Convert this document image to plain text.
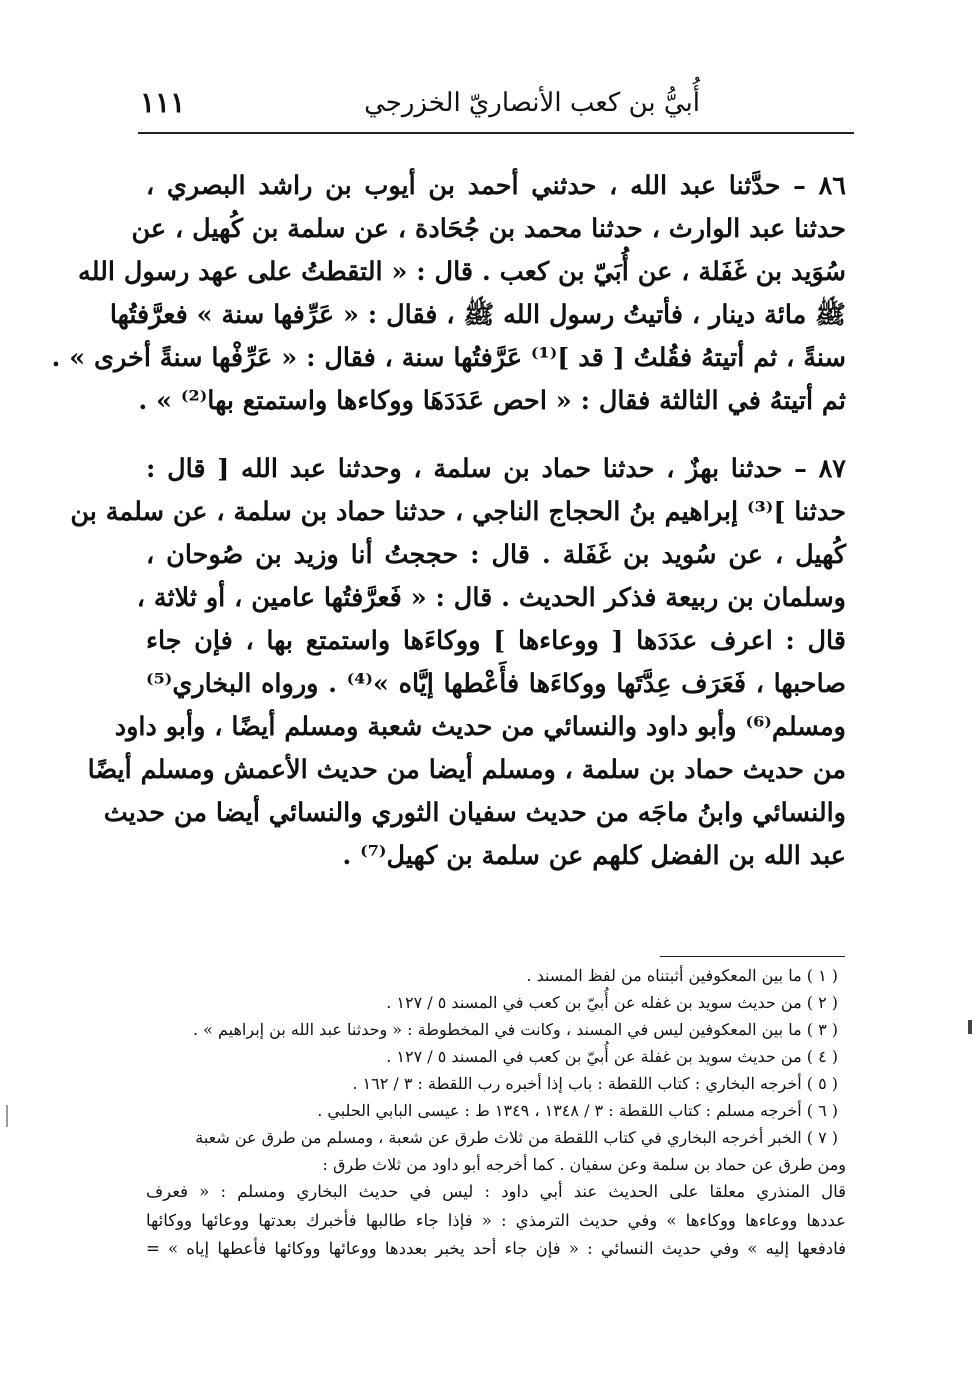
أُبيُّ بن كعب الأنصاريّ الخزرجي
١١١
٨٦ – حدَّثنا عبد الله ، حدثني أحمد بن أيوب بن راشد البصري ،
حدثنا عبد الوارث ، حدثنا محمد بن جُحَادة ، عن سلمة بن كُهيل ، عن
سُوَيد بن غَفَلة ، عن أُبَيّ بن كعب . قال : « التقطتُ على عهد رسول الله
ﷺ مائة دينار ، فأتيتُ رسول الله ﷺ ، فقال : « عَرِّفها سنة » فعرَّفتُها
سنةً ، ثم أتيتهُ فقُلتُ [ قد ]⁽¹⁾ عَرَّفتُها سنة ، فقال : « عَرِّفْها سنةً أخرى » .
ثم أتيتهُ في الثالثة فقال : « احص عَدَدَهَا ووكاءها واستمتع بها⁽²⁾ » .
٨٧ – حدثنا بهزٌ ، حدثنا حماد بن سلمة ، وحدثنا عبد الله [ قال :
حدثنا ]⁽³⁾ إبراهيم بنُ الحجاج الناجي ، حدثنا حماد بن سلمة ، عن سلمة بن
كُهيل ، عن سُويد بن غَفَلة . قال : حججتُ أنا وزيد بن صُوحان ،
وسلمان بن ربيعة فذكر الحديث . قال : « فَعرَّفتُها عامين ، أو ثلاثة ،
قال : اعرف عدَدَها [ ووعاءها ] ووكاءَها واستمتع بها ، فإن جاء
صاحبها ، فَعَرَف عِدَّتَها ووكاءَها فأَعْطها إيَّاه »⁽⁴⁾ . ورواه البخاري⁽⁵⁾
ومسلم⁽⁶⁾ وأبو داود والنسائي من حديث شعبة ومسلم أيضًا ، وأبو داود
من حديث حماد بن سلمة ، ومسلم أيضا من حديث الأعمش ومسلم أيضًا
والنسائي وابنُ ماجَه من حديث سفيان الثوري والنسائي أيضا من حديث
عبد الله بن الفضل كلهم عن سلمة بن كهيل⁽⁷⁾ .
( ١ ) ما بين المعكوفين أثبتناه من لفظ المسند .
( ٢ ) من حديث سويد بن غفله عن أُبيّ بن كعب في المسند ٥ / ١٢٧ .
( ٣ ) ما بين المعكوفين ليس في المسند ، وكانت في المخطوطة : « وحدثنا عبد الله بن إبراهيم » .
( ٤ ) من حديث سويد بن غفلة عن أُبيّ بن كعب في المسند ٥ / ١٢٧ .
( ٥ ) أخرجه البخاري : كتاب اللقطة : باب إذا أخبره رب اللقطة : ٣ / ١٦٢ .
( ٦ ) أخرجه مسلم : كتاب اللقطة : ٣ / ١٣٤٨ ، ١٣٤٩ ط : عيسى البابي الحلبي .
( ٧ ) الخبر أخرجه البخاري في كتاب اللقطة من ثلاث طرق عن شعبة ، ومسلم من طرق عن شعبة
ومن طرق عن حماد بن سلمة وعن سفيان . كما أخرجه أبو داود من ثلاث طرق :
قال المنذري معلقا على الحديث عند أبي داود : ليس في حديث البخاري ومسلم : « فعرف
عددها ووعاءها ووكاءها » وفي حديث الترمذي : « فإذا جاء طالبها فأخبرك بعدتها ووعائها ووكائها
فادفعها إليه » وفي حديث النسائي : « فإن جاء أحد يخبر بعددها ووعائها ووكائها فأعطها إياه » =
